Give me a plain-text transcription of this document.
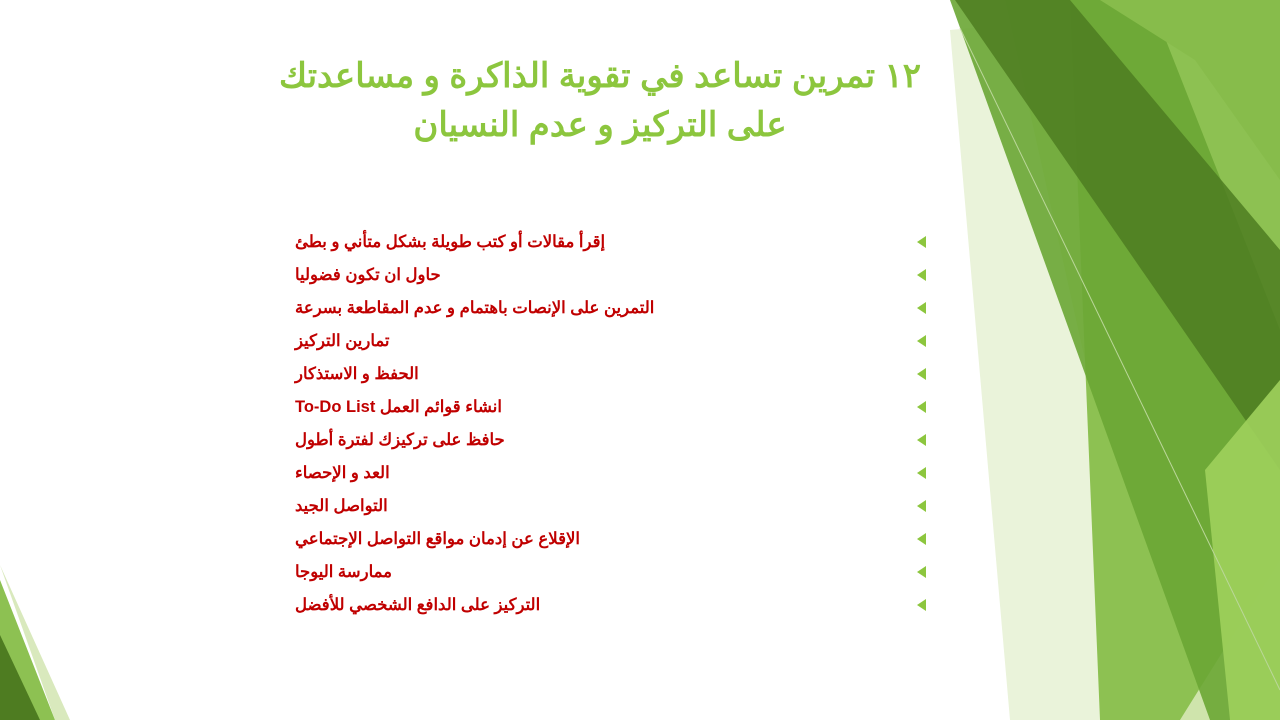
١٢ تمرين تساعد في تقوية الذاكرة و مساعدتك على التركيز و عدم النسيان
إقرأ مقالات أو كتب طويلة بشكل متأني و بطئ
حاول ان تكون فضوليا
التمرين على الإنصات باهتمام و عدم المقاطعة بسرعة
تمارين التركيز
الحفظ و الاستذكار
انشاء قوائم العمل To-Do List
حافظ على تركيزك لفترة أطول
العد و الإحصاء
التواصل الجيد
الإقلاع عن إدمان مواقع التواصل الإجتماعي
ممارسة اليوجا
التركيز على الدافع الشخصي للأفضل
